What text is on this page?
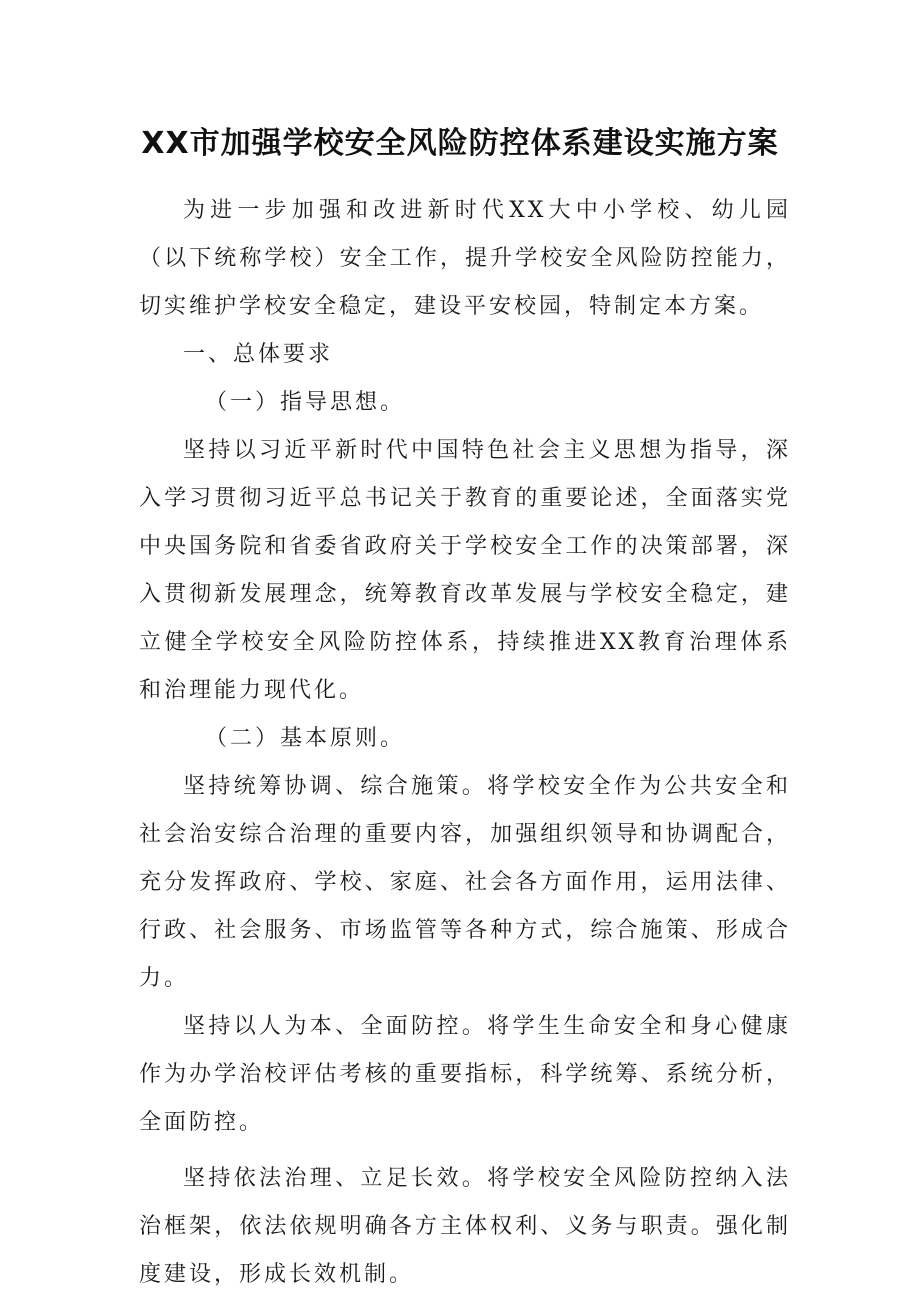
XX市加强学校安全风险防控体系建设实施方案

为进一步加强和改进新时代XX大中小学校、幼儿园（以下统称学校）安全工作，提升学校安全风险防控能力，切实维护学校安全稳定，建设平安校园，特制定本方案。

一、总体要求

（一）指导思想。

坚持以习近平新时代中国特色社会主义思想为指导，深入学习贯彻习近平总书记关于教育的重要论述，全面落实党中央国务院和省委省政府关于学校安全工作的决策部署，深入贯彻新发展理念，统筹教育改革发展与学校安全稳定，建立健全学校安全风险防控体系，持续推进XX教育治理体系和治理能力现代化。

（二）基本原则。

坚持统筹协调、综合施策。将学校安全作为公共安全和社会治安综合治理的重要内容，加强组织领导和协调配合，充分发挥政府、学校、家庭、社会各方面作用，运用法律、行政、社会服务、市场监管等各种方式，综合施策、形成合力。

坚持以人为本、全面防控。将学生生命安全和身心健康作为办学治校评估考核的重要指标，科学统筹、系统分析，全面防控。

坚持依法治理、立足长效。将学校安全风险防控纳入法治框架，依法依规明确各方主体权利、义务与职责。强化制度建设，形成长效机制。
